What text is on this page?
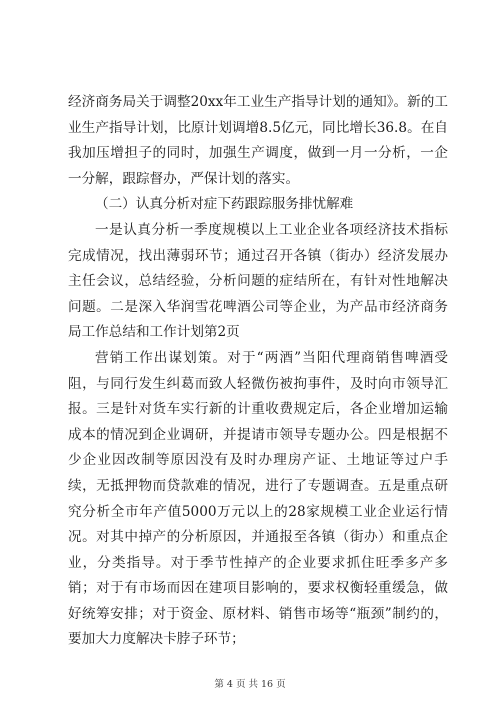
经济商务局关于调整20xx年工业生产指导计划的通知》。新的工业生产指导计划，比原计划调增8.5亿元，同比增长36.8。在自我加压增担子的同时，加强生产调度，做到一月一分析，一企一分解，跟踪督办，严保计划的落实。

（二）认真分析对症下药跟踪服务排忧解难

一是认真分析一季度规模以上工业企业各项经济技术指标完成情况，找出薄弱环节；通过召开各镇（街办）经济发展办主任会议，总结经验，分析问题的症结所在，有针对性地解决问题。二是深入华润雪花啤酒公司等企业，为产品市经济商务局工作总结和工作计划第2页

营销工作出谋划策。对于“两酒”当阳代理商销售啤酒受阻，与同行发生纠葛而致人轻微伤被拘事件，及时向市领导汇报。三是针对货车实行新的计重收费规定后，各企业增加运输成本的情况到企业调研，并提请市领导专题办公。四是根据不少企业因改制等原因没有及时办理房产证、土地证等过户手续，无抵押物而贷款难的情况，进行了专题调查。五是重点研究分析全市年产值5000万元以上的28家规模工业企业运行情况。对其中掉产的分析原因，并通报至各镇（街办）和重点企业，分类指导。对于季节性掉产的企业要求抓住旺季多产多销；对于有市场而因在建项目影响的，要求权衡轻重缓急，做好统筹安排；对于资金、原材料、销售市场等“瓶颈”制约的，要加大力度解决卡脖子环节；

第 4 页 共 16 页
